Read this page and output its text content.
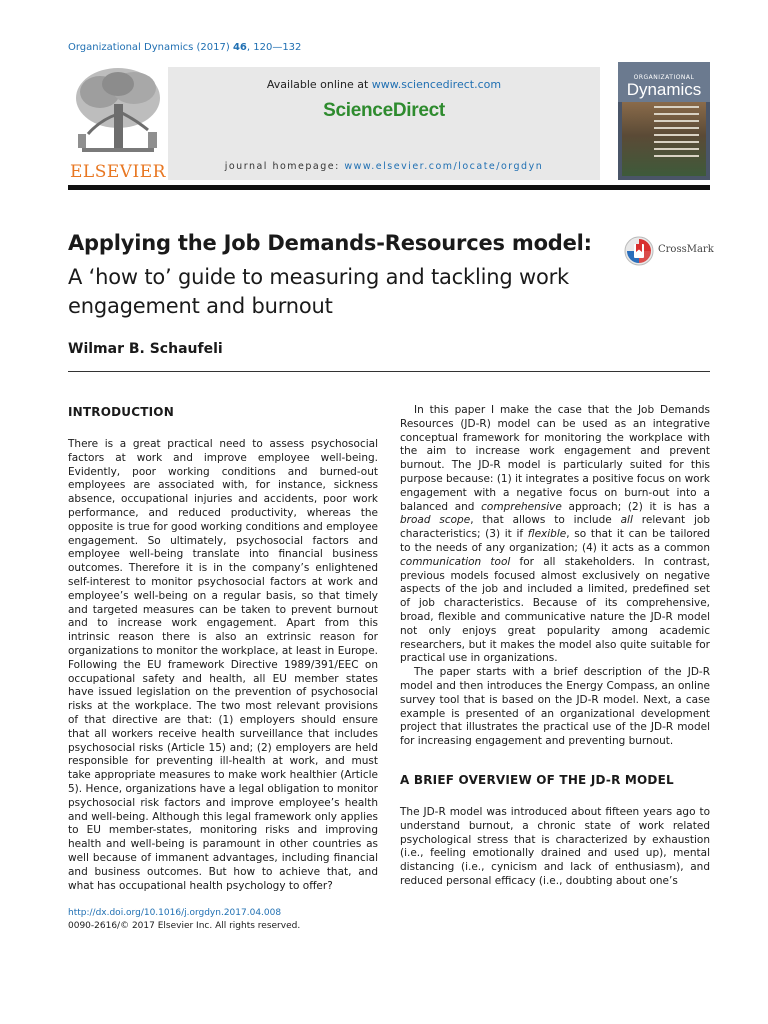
Organizational Dynamics (2017) 46, 120—132
ELSEVIER
Available online at www.sciencedirect.com
ScienceDirect
journal homepage: www.elsevier.com/locate/orgdyn
ORGANIZATIONAL
Dynamics
Applying the Job Demands-Resources model:
A ‘how to’ guide to measuring and tackling work engagement and burnout
CrossMark
Wilmar B. Schaufeli
INTRODUCTION

There is a great practical need to assess psychosocial factors at work and improve employee well-being. Evidently, poor working conditions and burned-out employees are associated with, for instance, sickness absence, occupational injuries and accidents, poor work performance, and reduced productivity, whereas the opposite is true for good working conditions and employee engagement. So ultimately, psychosocial factors and employee well-being translate into financial business outcomes. Therefore it is in the company’s enlightened self-interest to monitor psychosocial factors at work and employee’s well-being on a regular basis, so that timely and targeted measures can be taken to prevent burnout and to increase work engagement. Apart from this intrinsic reason there is also an extrinsic reason for organizations to monitor the workplace, at least in Europe. Following the EU framework Directive 1989/391/EEC on occupational safety and health, all EU member states have issued legislation on the prevention of psychosocial risks at the workplace. The two most relevant provisions of that directive are that: (1) employers should ensure that all workers receive health surveillance that includes psychosocial risks (Article 15) and; (2) employers are held responsible for preventing ill-health at work, and must take appropriate measures to make work healthier (Article 5). Hence, organizations have a legal obligation to monitor psychosocial risk factors and improve employee’s health and well-being. Although this legal framework only applies to EU member-states, monitoring risks and improving health and well-being is paramount in other countries as well because of immanent advantages, including financial and business outcomes. But how to achieve that, and what has occupational health psychology to offer?

In this paper I make the case that the Job Demands Resources (JD-R) model can be used as an integrative conceptual framework for monitoring the workplace with the aim to increase work engagement and prevent burnout. The JD-R model is particularly suited for this purpose because: (1) it integrates a positive focus on work engagement with a negative focus on burn-out into a balanced and comprehensive approach; (2) it is has a broad scope, that allows to include all relevant job characteristics; (3) it if flexible, so that it can be tailored to the needs of any organization; (4) it acts as a common communication tool for all stakeholders. In contrast, previous models focused almost exclusively on negative aspects of the job and included a limited, predefined set of job characteristics. Because of its comprehensive, broad, flexible and communicative nature the JD-R model not only enjoys great popularity among academic researchers, but it makes the model also quite suitable for practical use in organizations.

The paper starts with a brief description of the JD-R model and then introduces the Energy Compass, an online survey tool that is based on the JD-R model. Next, a case example is presented of an organizational development project that illustrates the practical use of the JD-R model for increasing engagement and preventing burnout.

A BRIEF OVERVIEW OF THE JD-R MODEL

The JD-R model was introduced about fifteen years ago to understand burnout, a chronic state of work related psychological stress that is characterized by exhaustion (i.e., feeling emotionally drained and used up), mental distancing (i.e., cynicism and lack of enthusiasm), and reduced personal efficacy (i.e., doubting about one’s

http://dx.doi.org/10.1016/j.orgdyn.2017.04.008
0090-2616/© 2017 Elsevier Inc. All rights reserved.
